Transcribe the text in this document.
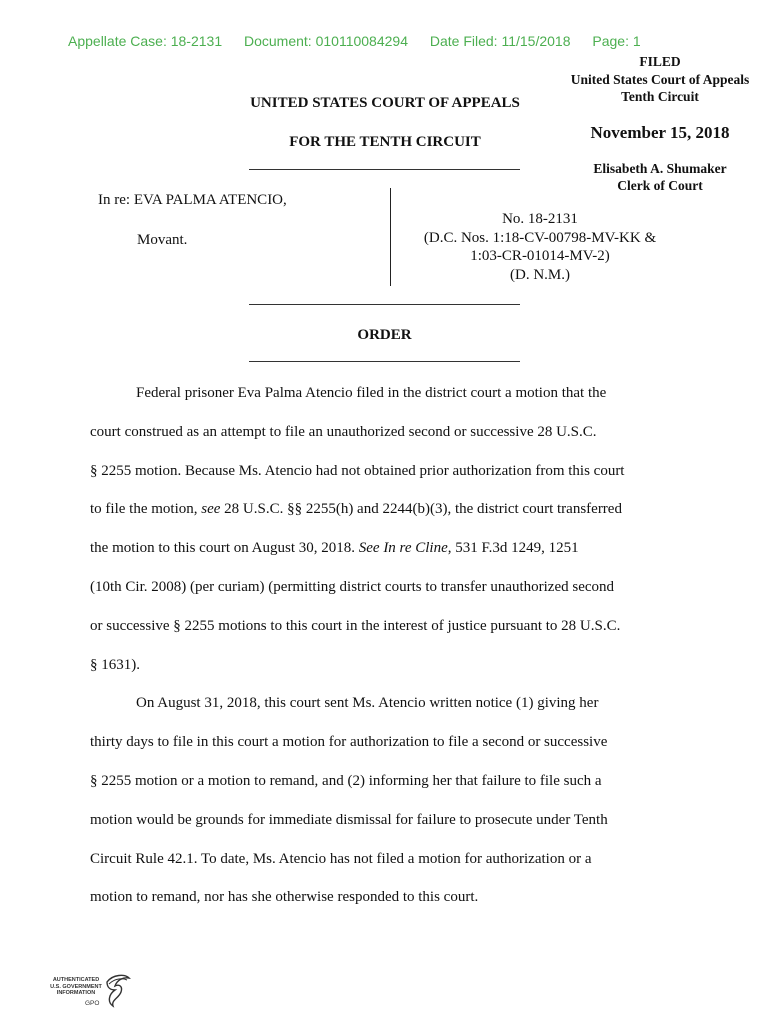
Appellate Case: 18-2131 Document: 010110084294 Date Filed: 11/15/2018 Page: 1
FILED
United States Court of Appeals
Tenth Circuit
November 15, 2018
Elisabeth A. Shumaker
Clerk of Court
UNITED STATES COURT OF APPEALS
FOR THE TENTH CIRCUIT
In re: EVA PALMA ATENCIO,
Movant.
No. 18-2131
(D.C. Nos. 1:18-CV-00798-MV-KK &
1:03-CR-01014-MV-2)
(D. N.M.)
ORDER
Federal prisoner Eva Palma Atencio filed in the district court a motion that the
court construed as an attempt to file an unauthorized second or successive 28 U.S.C.
§ 2255 motion. Because Ms. Atencio had not obtained prior authorization from this court
to file the motion, see 28 U.S.C. §§ 2255(h) and 2244(b)(3), the district court transferred
the motion to this court on August 30, 2018. See In re Cline, 531 F.3d 1249, 1251
(10th Cir. 2008) (per curiam) (permitting district courts to transfer unauthorized second
or successive § 2255 motions to this court in the interest of justice pursuant to 28 U.S.C.
§ 1631).
On August 31, 2018, this court sent Ms. Atencio written notice (1) giving her
thirty days to file in this court a motion for authorization to file a second or successive
§ 2255 motion or a motion to remand, and (2) informing her that failure to file such a
motion would be grounds for immediate dismissal for failure to prosecute under Tenth
Circuit Rule 42.1. To date, Ms. Atencio has not filed a motion for authorization or a
motion to remand, nor has she otherwise responded to this court.
AUTHENTICATED
U.S. GOVERNMENT
INFORMATION
GPO
